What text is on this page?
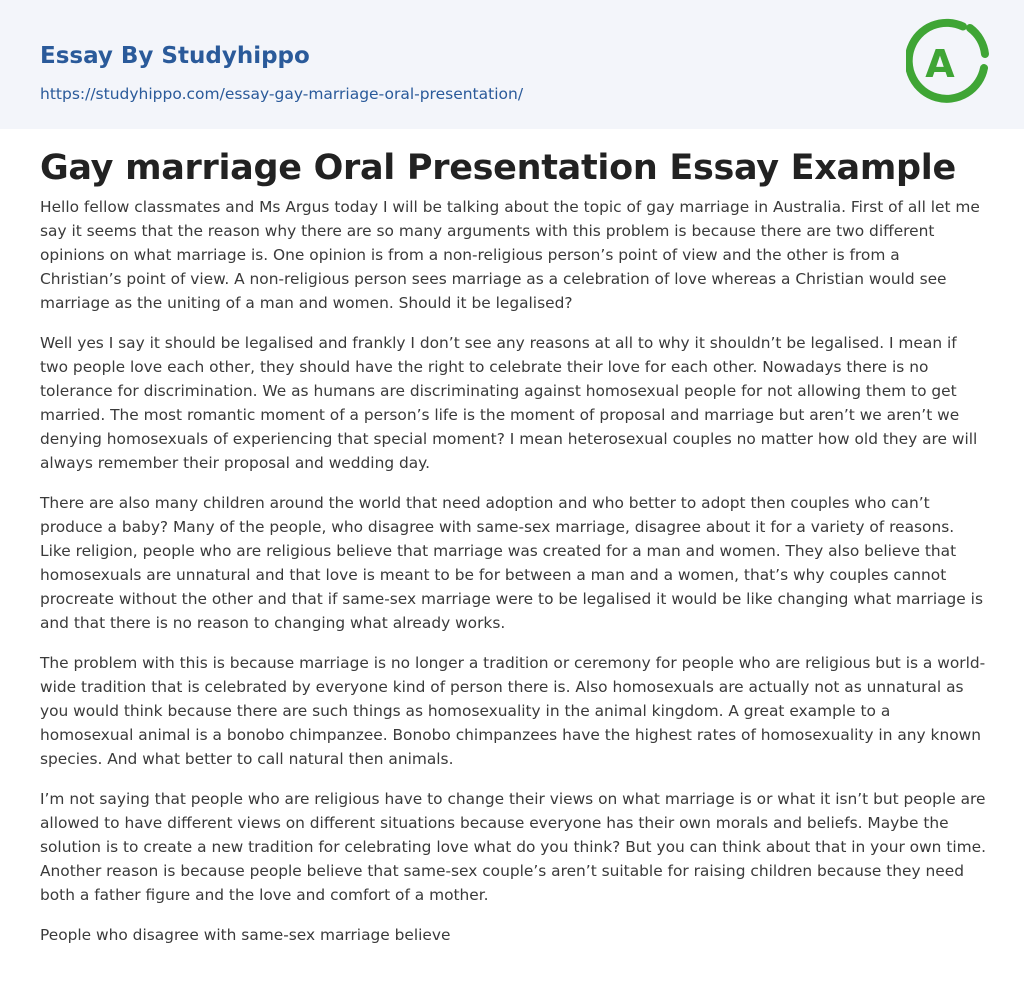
Essay By Studyhippo
https://studyhippo.com/essay-gay-marriage-oral-presentation/
A
Gay marriage Oral Presentation Essay Example

Hello fellow classmates and Ms Argus today I will be talking about the topic of gay marriage in Australia. First of all let me say it seems that the reason why there are so many arguments with this problem is because there are two different opinions on what marriage is. One opinion is from a non-religious person’s point of view and the other is from a Christian’s point of view. A non-religious person sees marriage as a celebration of love whereas a Christian would see marriage as the uniting of a man and women. Should it be legalised?

Well yes I say it should be legalised and frankly I don’t see any reasons at all to why it shouldn’t be legalised. I mean if two people love each other, they should have the right to celebrate their love for each other. Nowadays there is no tolerance for discrimination. We as humans are discriminating against homosexual people for not allowing them to get married. The most romantic moment of a person’s life is the moment of proposal and marriage but aren’t we aren’t we denying homosexuals of experiencing that special moment? I mean heterosexual couples no matter how old they are will always remember their proposal and wedding day.

There are also many children around the world that need adoption and who better to adopt then couples who can’t produce a baby? Many of the people, who disagree with same-sex marriage, disagree about it for a variety of reasons. Like religion, people who are religious believe that marriage was created for a man and women. They also believe that homosexuals are unnatural and that love is meant to be for between a man and a women, that’s why couples cannot procreate without the other and that if same-sex marriage were to be legalised it would be like changing what marriage is and that there is no reason to changing what already works.

The problem with this is because marriage is no longer a tradition or ceremony for people who are religious but is a world-wide tradition that is celebrated by everyone kind of person there is. Also homosexuals are actually not as unnatural as you would think because there are such things as homosexuality in the animal kingdom. A great example to a homosexual animal is a bonobo chimpanzee. Bonobo chimpanzees have the highest rates of homosexuality in any known species. And what better to call natural then animals.

I’m not saying that people who are religious have to change their views on what marriage is or what it isn’t but people are allowed to have different views on different situations because everyone has their own morals and beliefs. Maybe the solution is to create a new tradition for celebrating love what do you think? But you can think about that in your own time. Another reason is because people believe that same-sex couple’s aren’t suitable for raising children because they need both a father figure and the love and comfort of a mother.

People who disagree with same-sex marriage believe
